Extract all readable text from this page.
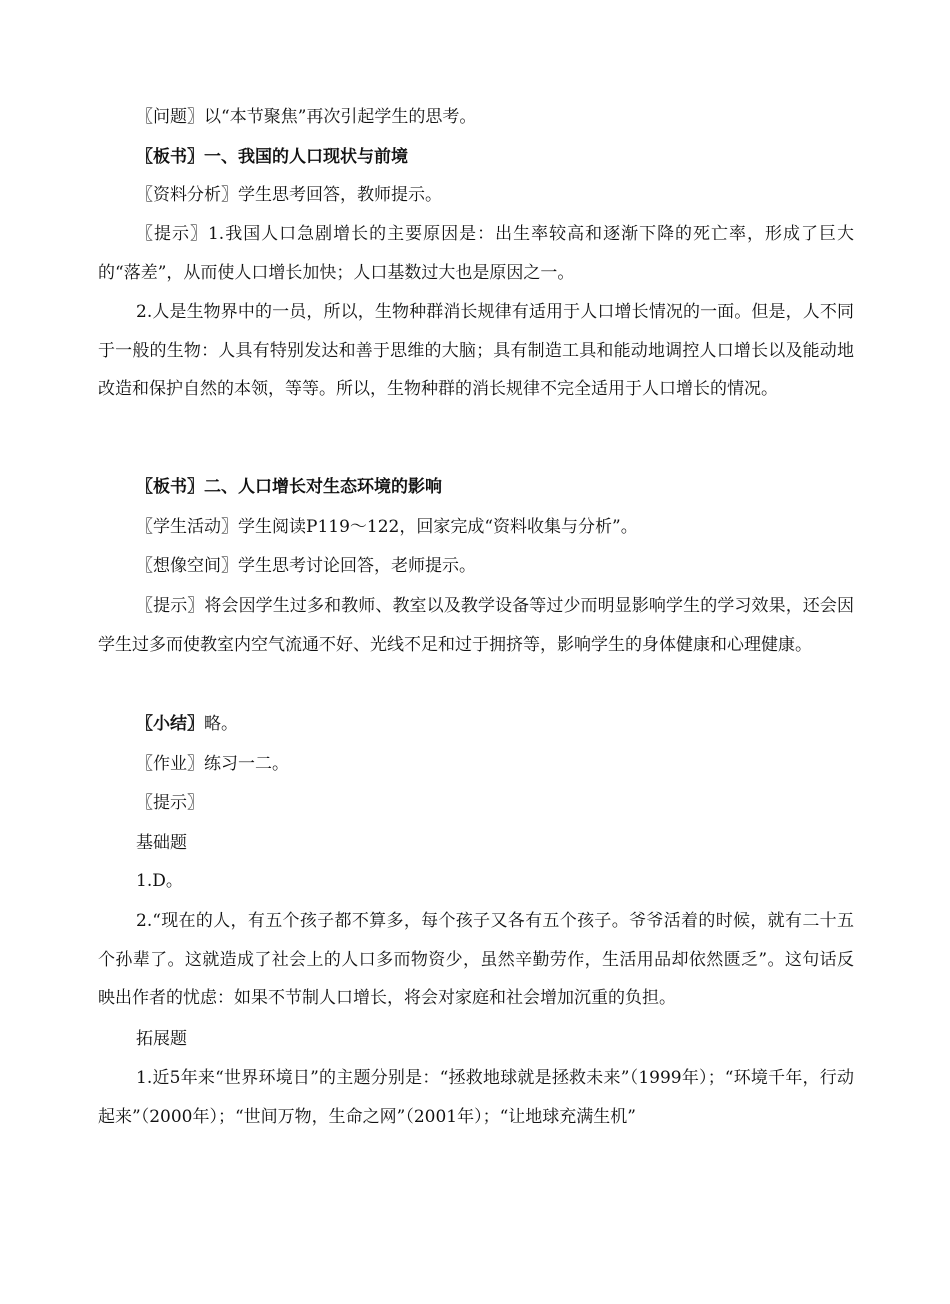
〖问题〗以“本节聚焦”再次引起学生的思考。
〖板书〗一、我国的人口现状与前境
〖资料分析〗学生思考回答，教师提示。
〖提示〗1.我国人口急剧增长的主要原因是：出生率较高和逐渐下降的死亡率，形成了巨大的“落差”，从而使人口增长加快；人口基数过大也是原因之一。
2.人是生物界中的一员，所以，生物种群消长规律有适用于人口增长情况的一面。但是，人不同于一般的生物：人具有特别发达和善于思维的大脑；具有制造工具和能动地调控人口增长以及能动地改造和保护自然的本领，等等。所以，生物种群的消长规律不完全适用于人口增长的情况。
〖板书〗二、人口增长对生态环境的影响
〖学生活动〗学生阅读P119～122，回家完成“资料收集与分析”。
〖想像空间〗学生思考讨论回答，老师提示。
〖提示〗将会因学生过多和教师、教室以及教学设备等过少而明显影响学生的学习效果，还会因学生过多而使教室内空气流通不好、光线不足和过于拥挤等，影响学生的身体健康和心理健康。
〖小结〗略。
〖作业〗练习一二。
〖提示〗
基础题
1.D。
2.“现在的人，有五个孩子都不算多，每个孩子又各有五个孩子。爷爷活着的时候，就有二十五个孙辈了。这就造成了社会上的人口多而物资少，虽然辛勤劳作，生活用品却依然匮乏”。这句话反映出作者的忧虑：如果不节制人口增长，将会对家庭和社会增加沉重的负担。
拓展题
1.近5年来“世界环境日”的主题分别是：“拯救地球就是拯救未来”（1999年）；“环境千年，行动起来”（2000年）；“世间万物，生命之网”（2001年）；“让地球充满生机”
